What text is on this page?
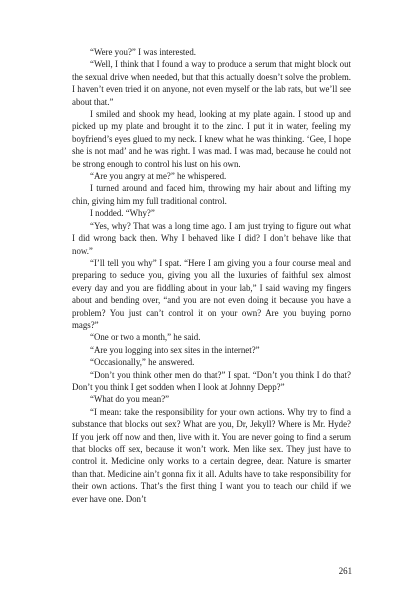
“Were you?” I was interested.

“Well, I think that I found a way to produce a serum that might block out the sexual drive when needed, but that this actually doesn’t solve the problem. I haven’t even tried it on anyone, not even myself or the lab rats, but we’ll see about that.”

I smiled and shook my head, looking at my plate again. I stood up and picked up my plate and brought it to the zinc. I put it in water, feeling my boyfriend’s eyes glued to my neck. I knew what he was thinking. ‘Gee, I hope she is not mad’ and he was right. I was mad. I was mad, because he could not be strong enough to control his lust on his own.

“Are you angry at me?” he whispered.

I turned around and faced him, throwing my hair about and lifting my chin, giving him my full traditional control.

I nodded. “Why?”

“Yes, why? That was a long time ago. I am just trying to figure out what I did wrong back then. Why I behaved like I did? I don’t behave like that now.”

“I’ll tell you why” I spat. “Here I am giving you a four course meal and preparing to seduce you, giving you all the luxuries of faithful sex almost every day and you are fiddling about in your lab,” I said waving my fingers about and bending over, “and you are not even doing it because you have a problem? You just can’t control it on your own? Are you buying porno mags?”

“One or two a month,” he said.

“Are you logging into sex sites in the internet?”

“Occasionally,” he answered.

“Don’t you think other men do that?” I spat. “Don’t you think I do that? Don’t you think I get sodden when I look at Johnny Depp?”

“What do you mean?”

“I mean: take the responsibility for your own actions. Why try to find a substance that blocks out sex? What are you, Dr, Jekyll? Where is Mr. Hyde? If you jerk off now and then, live with it. You are never going to find a serum that blocks off sex, because it won’t work. Men like sex. They just have to control it. Medicine only works to a certain degree, dear. Nature is smarter than that. Medicine ain’t gonna fix it all. Adults have to take responsibility for their own actions. That’s the first thing I want you to teach our child if we ever have one. Don’t

261
